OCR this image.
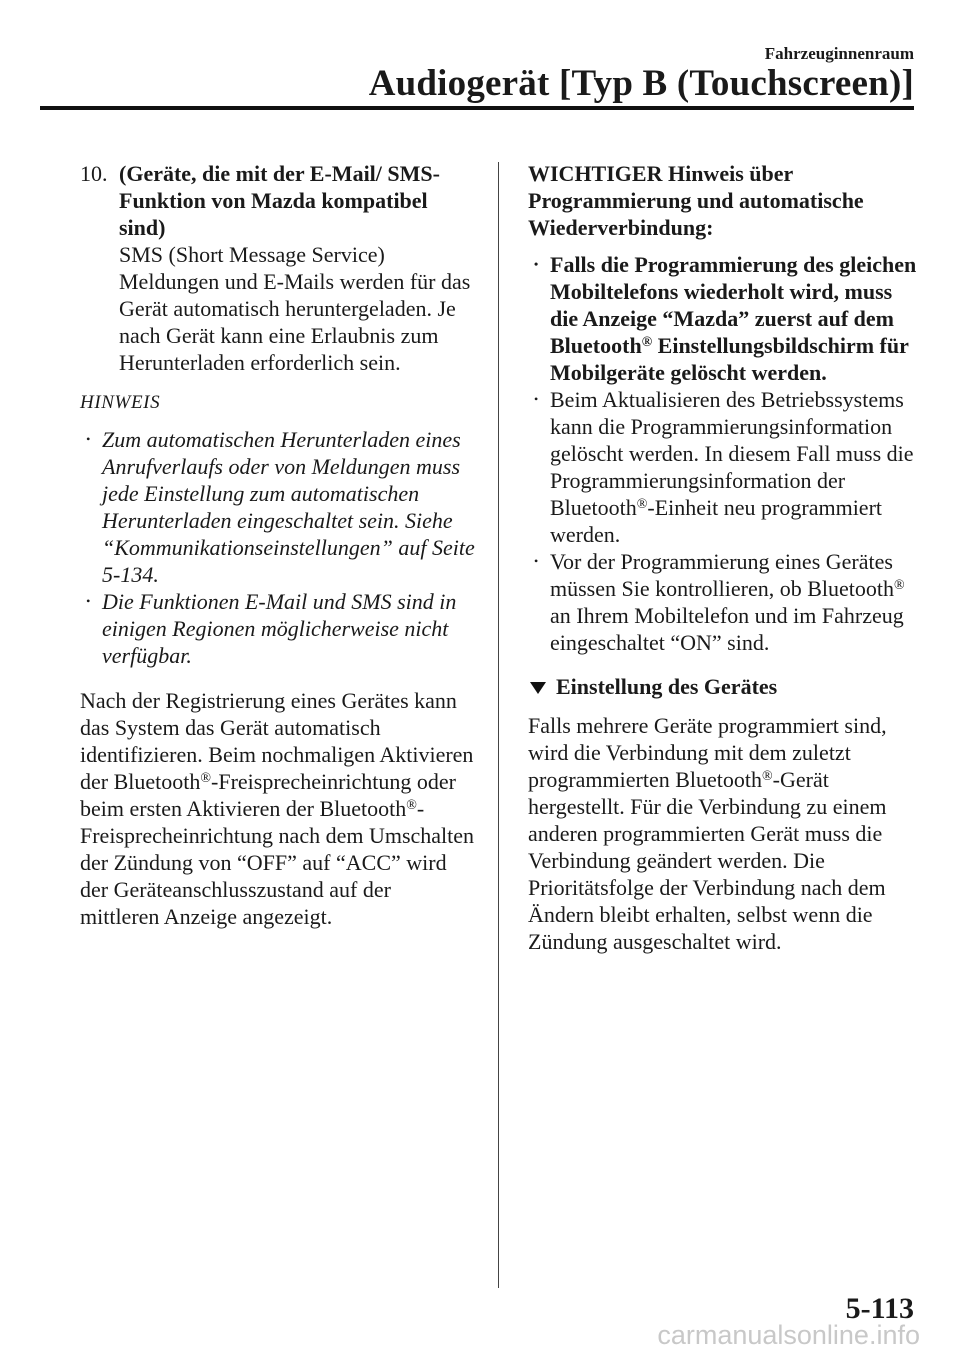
Fahrzeuginnenraum
Audiogerät [Typ B (Touchscreen)]
10. (Geräte, die mit der E-Mail/ SMS-Funktion von Mazda kompatibel sind)
SMS (Short Message Service) Meldungen und E-Mails werden für das Gerät automatisch heruntergeladen. Je nach Gerät kann eine Erlaubnis zum Herunterladen erforderlich sein.
HINWEIS
• Zum automatischen Herunterladen eines Anrufverlaufs oder von Meldungen muss jede Einstellung zum automatischen Herunterladen eingeschaltet sein. Siehe “Kommunikationseinstellungen” auf Seite 5-134.
• Die Funktionen E-Mail und SMS sind in einigen Regionen möglicherweise nicht verfügbar.

Nach der Registrierung eines Gerätes kann das System das Gerät automatisch identifizieren. Beim nochmaligen Aktivieren der Bluetooth®-Freisprecheinrichtung oder beim ersten Aktivieren der Bluetooth®-Freisprecheinrichtung nach dem Umschalten der Zündung von “OFF” auf “ACC” wird der Geräteanschlusszustand auf der mittleren Anzeige angezeigt.

WICHTIGER Hinweis über Programmierung und automatische Wiederverbindung:

• Falls die Programmierung des gleichen Mobiltelefons wiederholt wird, muss die Anzeige “Mazda” zuerst auf dem Bluetooth® Einstellungsbildschirm für Mobilgeräte gelöscht werden.
• Beim Aktualisieren des Betriebssystems kann die Programmierungsinformation gelöscht werden. In diesem Fall muss die Programmierungsinformation der Bluetooth®-Einheit neu programmiert werden.
• Vor der Programmierung eines Gerätes müssen Sie kontrollieren, ob Bluetooth® an Ihrem Mobiltelefon und im Fahrzeug eingeschaltet “ON” sind.
Einstellung des Gerätes

Falls mehrere Geräte programmiert sind, wird die Verbindung mit dem zuletzt programmierten Bluetooth®-Gerät hergestellt. Für die Verbindung zu einem anderen programmierten Gerät muss die Verbindung geändert werden. Die Prioritätsfolge der Verbindung nach dem Ändern bleibt erhalten, selbst wenn die Zündung ausgeschaltet wird.

5-113
carmanualsonline.info
